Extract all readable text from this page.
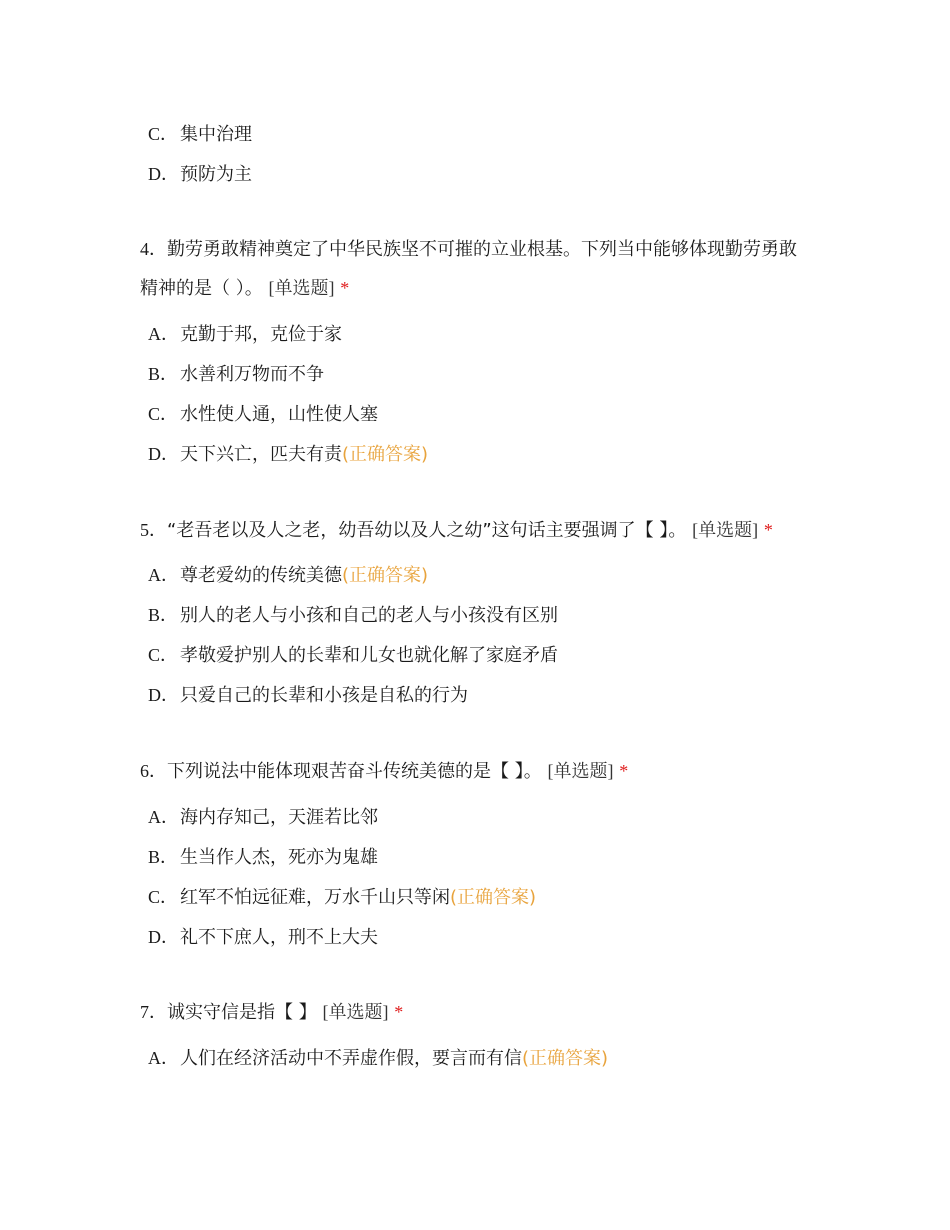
C． 集中治理
D．预防为主
4．勤劳勇敢精神奠定了中华民族坚不可摧的立业根基。下列当中能够体现勤劳勇敢精神的是（ ）。 [单选题] *
A．克勤于邦，克俭于家
B． 水善利万物而不争
C． 水性使人通，山性使人塞
D．天下兴亡，匹夫有责(正确答案)
5．“老吾老以及人之老，幼吾幼以及人之幼”这句话主要强调了【 】。 [单选题] *
A．尊老爱幼的传统美德(正确答案)
B． 别人的老人与小孩和自己的老人与小孩没有区别
C． 孝敬爱护别人的长辈和儿女也就化解了家庭矛盾
D．只爱自己的长辈和小孩是自私的行为
6．下列说法中能体现艰苦奋斗传统美德的是【 】。 [单选题] *
A．海内存知己，天涯若比邻
B． 生当作人杰，死亦为鬼雄
C． 红军不怕远征难，万水千山只等闲(正确答案)
D．礼不下庶人，刑不上大夫
7．诚实守信是指【 】 [单选题] *
A．人们在经济活动中不弄虚作假，要言而有信(正确答案)
